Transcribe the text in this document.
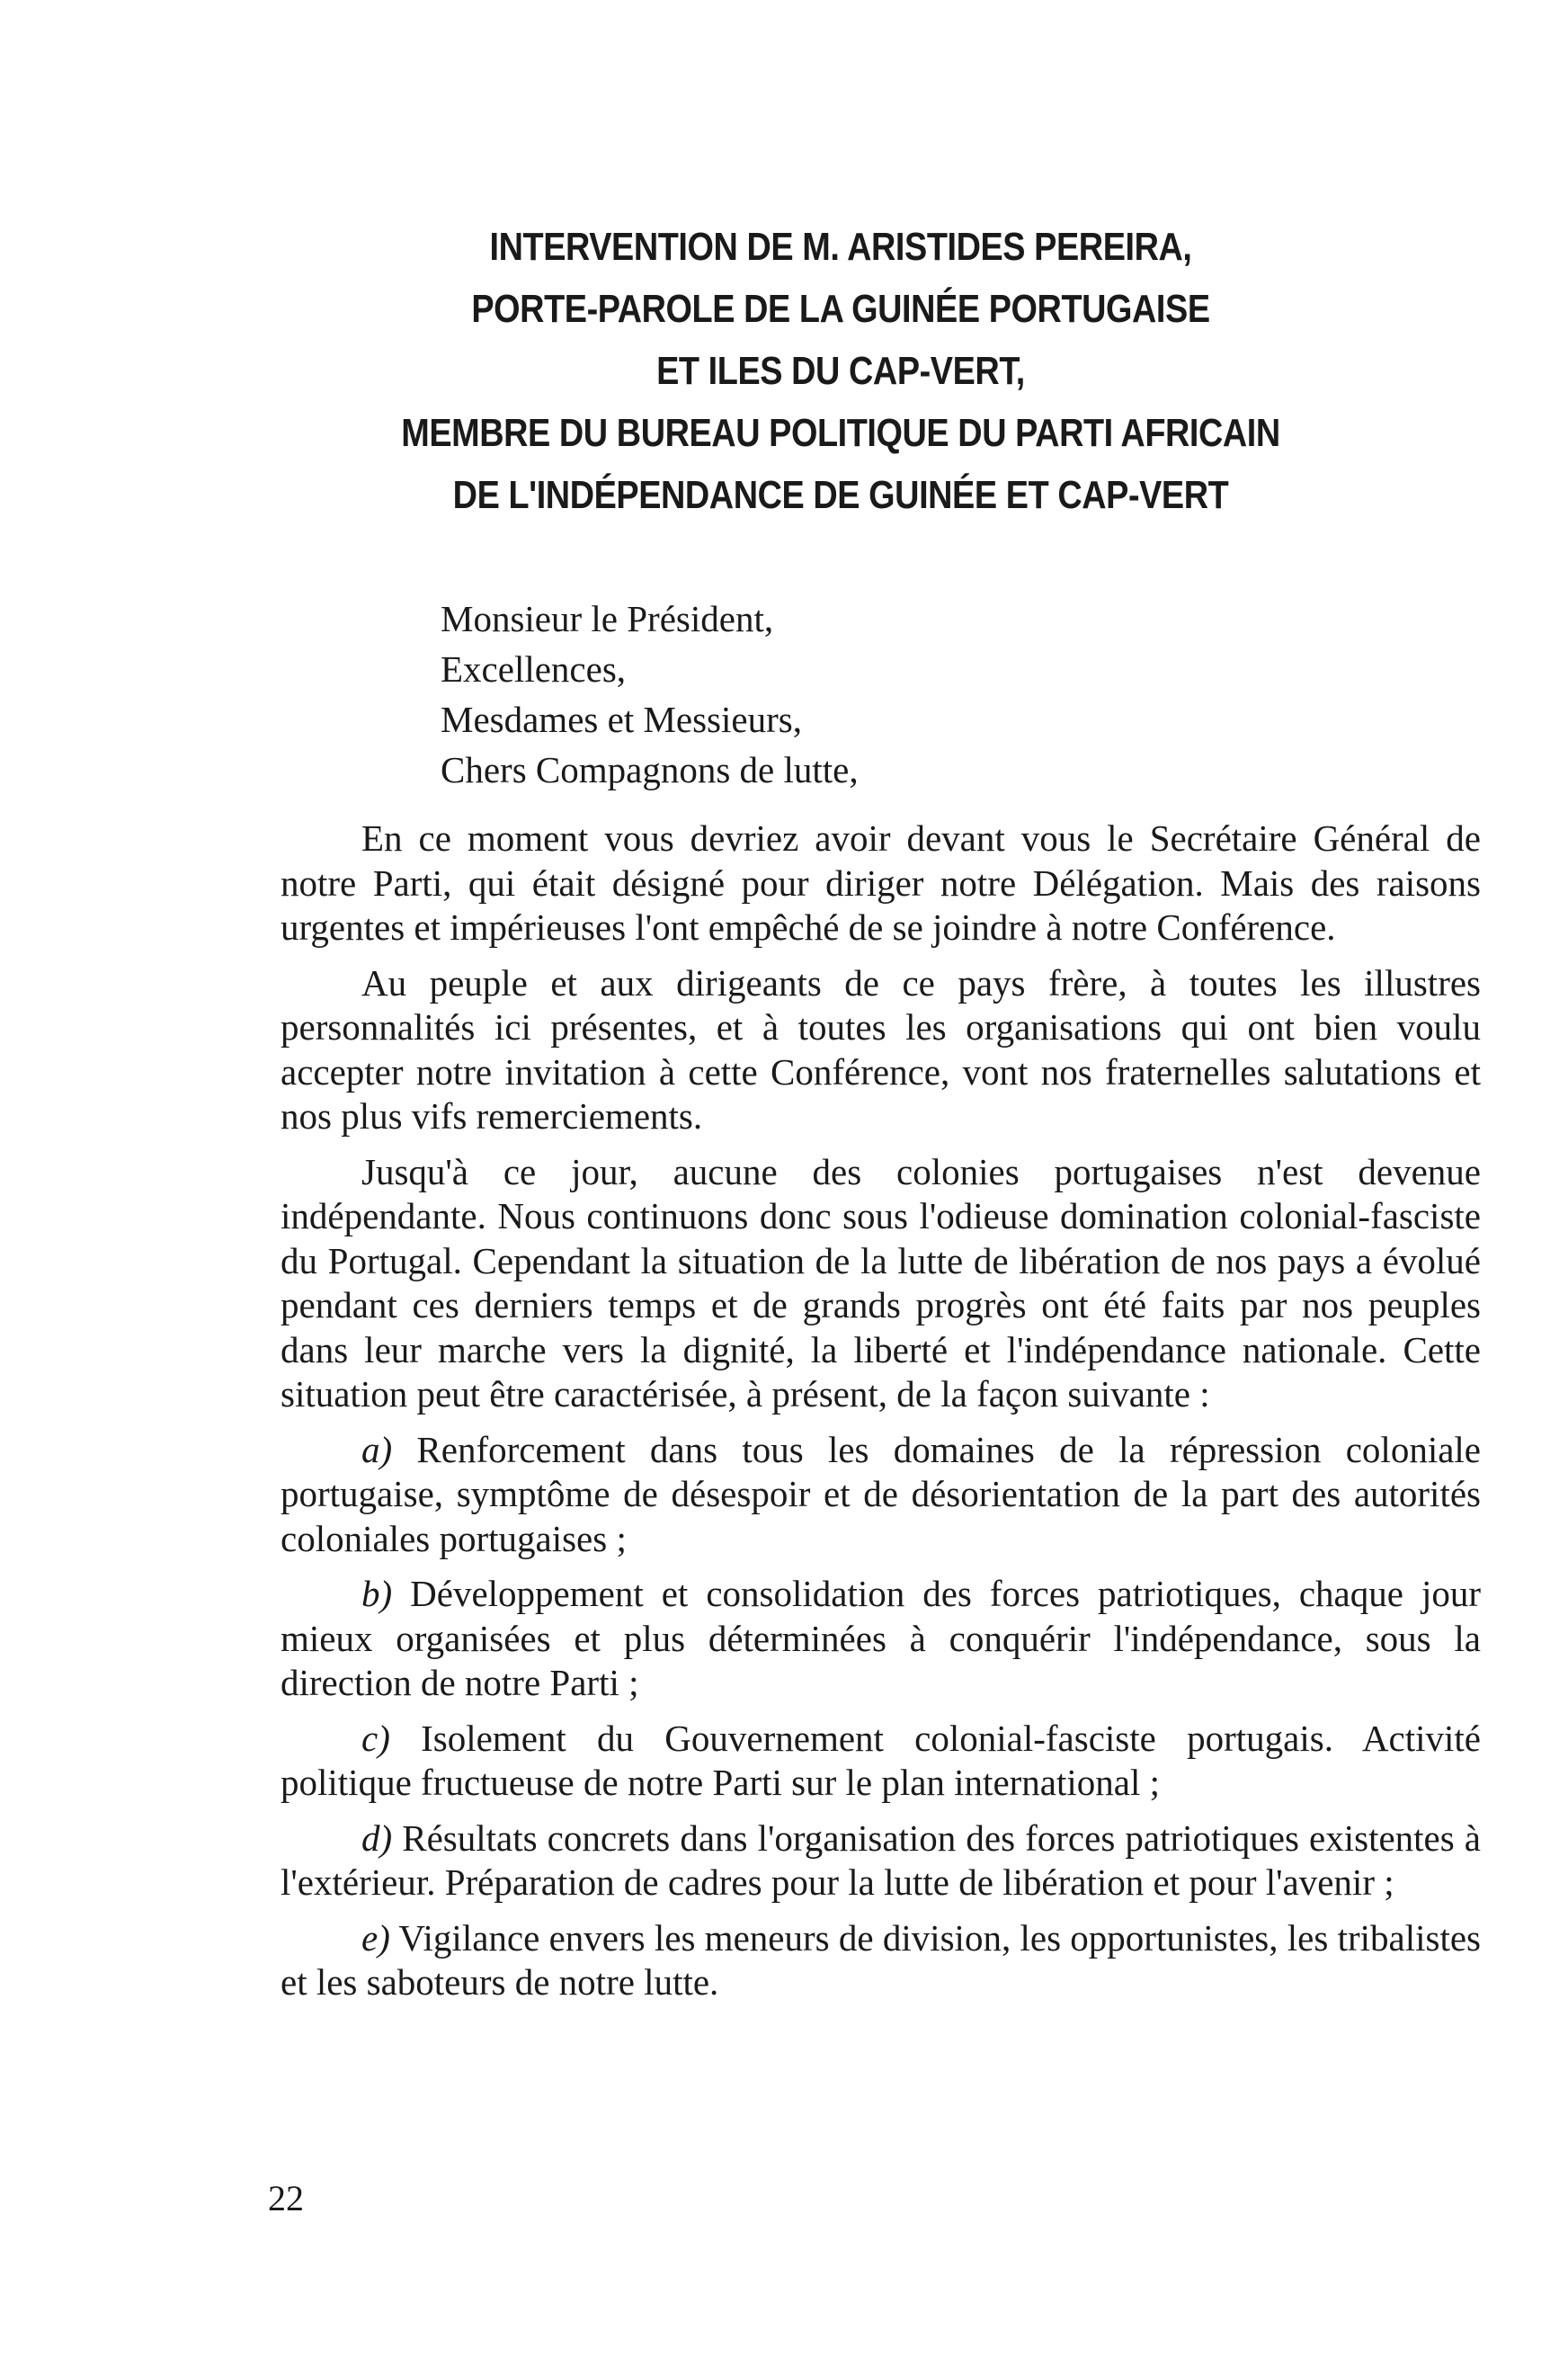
INTERVENTION DE M. ARISTIDES PEREIRA,
PORTE-PAROLE DE LA GUINÉE PORTUGAISE
ET ILES DU CAP-VERT,
MEMBRE DU BUREAU POLITIQUE DU PARTI AFRICAIN
DE L'INDÉPENDANCE DE GUINÉE ET CAP-VERT
Monsieur le Président,
Excellences,
Mesdames et Messieurs,
Chers Compagnons de lutte,

En ce moment vous devriez avoir devant vous le Secrétaire Général de notre Parti, qui était désigné pour diriger notre Délégation. Mais des raisons urgentes et impérieuses l'ont empêché de se joindre à notre Conférence.

Au peuple et aux dirigeants de ce pays frère, à toutes les illustres personnalités ici présentes, et à toutes les organisations qui ont bien voulu accepter notre invitation à cette Conférence, vont nos fraternelles salutations et nos plus vifs remerciements.

Jusqu'à ce jour, aucune des colonies portugaises n'est devenue indépendante. Nous continuons donc sous l'odieuse domination colonial-fasciste du Portugal. Cependant la situation de la lutte de libération de nos pays a évolué pendant ces derniers temps et de grands progrès ont été faits par nos peuples dans leur marche vers la dignité, la liberté et l'indépendance nationale. Cette situation peut être caractérisée, à présent, de la façon suivante :

a) Renforcement dans tous les domaines de la répression coloniale portugaise, symptôme de désespoir et de désorientation de la part des autorités coloniales portugaises ;

b) Développement et consolidation des forces patriotiques, chaque jour mieux organisées et plus déterminées à conquérir l'indépendance, sous la direction de notre Parti ;

c) Isolement du Gouvernement colonial-fasciste portugais. Activité politique fructueuse de notre Parti sur le plan international ;

d) Résultats concrets dans l'organisation des forces patriotiques existentes à l'extérieur. Préparation de cadres pour la lutte de libération et pour l'avenir ;

e) Vigilance envers les meneurs de division, les opportunistes, les tribalistes et les saboteurs de notre lutte.

22
